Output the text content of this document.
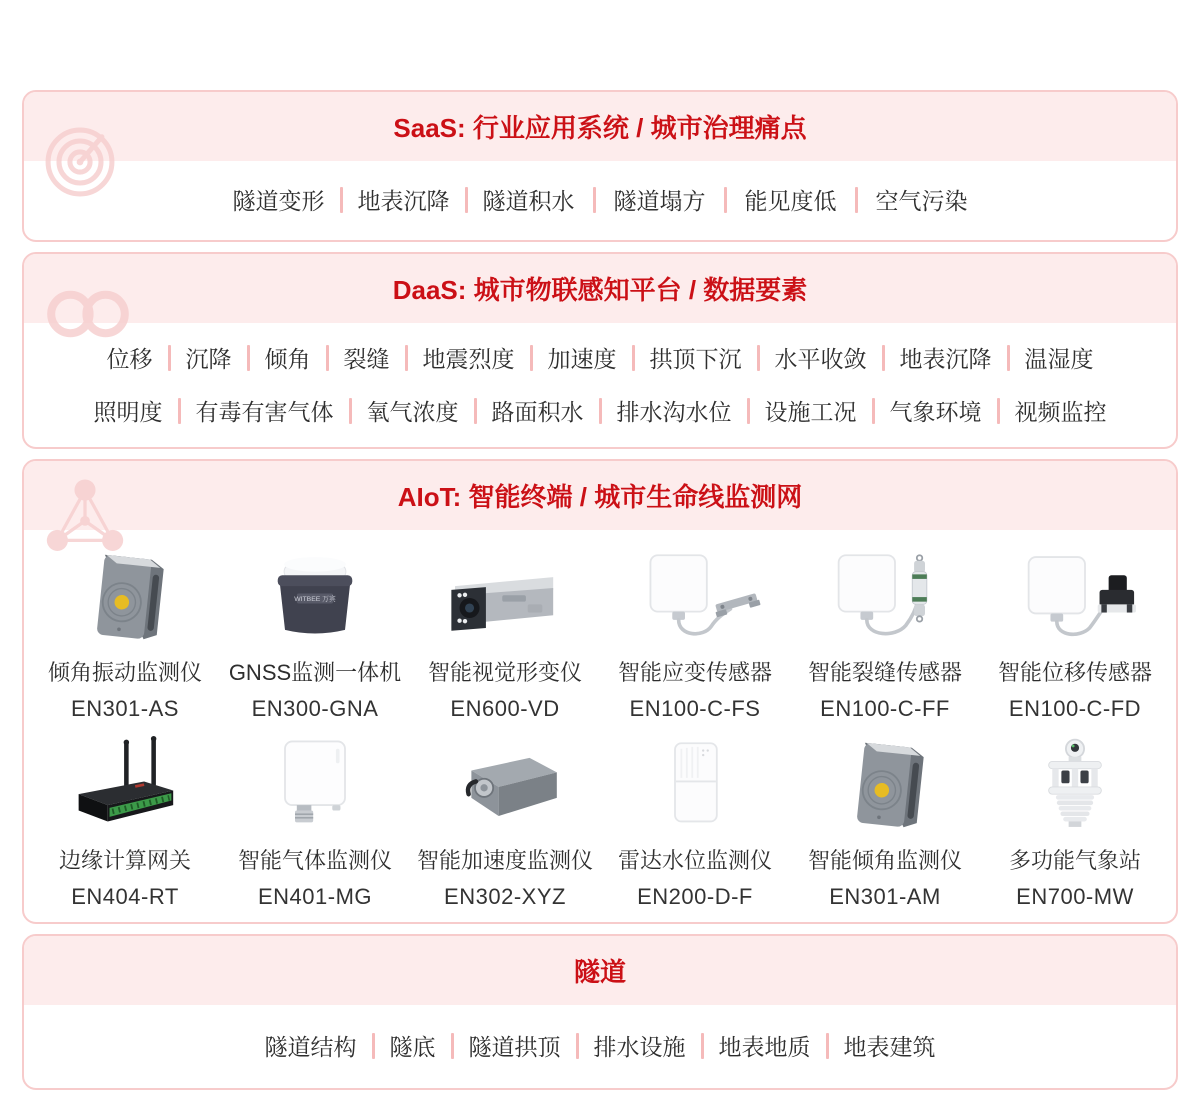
SaaS: 行业应用系统 / 城市治理痛点
隧道变形 地表沉降 隧道积水 隧道塌方 能见度低 空气污染
DaaS: 城市物联感知平台 / 数据要素
位移 沉降 倾角 裂缝 地震烈度 加速度 拱顶下沉 水平收敛 地表沉降 温湿度
照明度 有毒有害气体 氧气浓度 路面积水 排水沟水位 设施工况 气象环境 视频监控
AIoT: 智能终端 / 城市生命线监测网
倾角振动监测仪
EN301-AS
WITBEE 万宾
GNSS监测一体机
EN300-GNA
智能视觉形变仪
EN600-VD
智能应变传感器
EN100-C-FS
智能裂缝传感器
EN100-C-FF
智能位移传感器
EN100-C-FD
边缘计算网关
EN404-RT
智能气体监测仪
EN401-MG
智能加速度监测仪
EN302-XYZ
雷达水位监测仪
EN200-D-F
智能倾角监测仪
EN301-AM
多功能气象站
EN700-MW
隧道
隧道结构 隧底 隧道拱顶 排水设施 地表地质 地表建筑
